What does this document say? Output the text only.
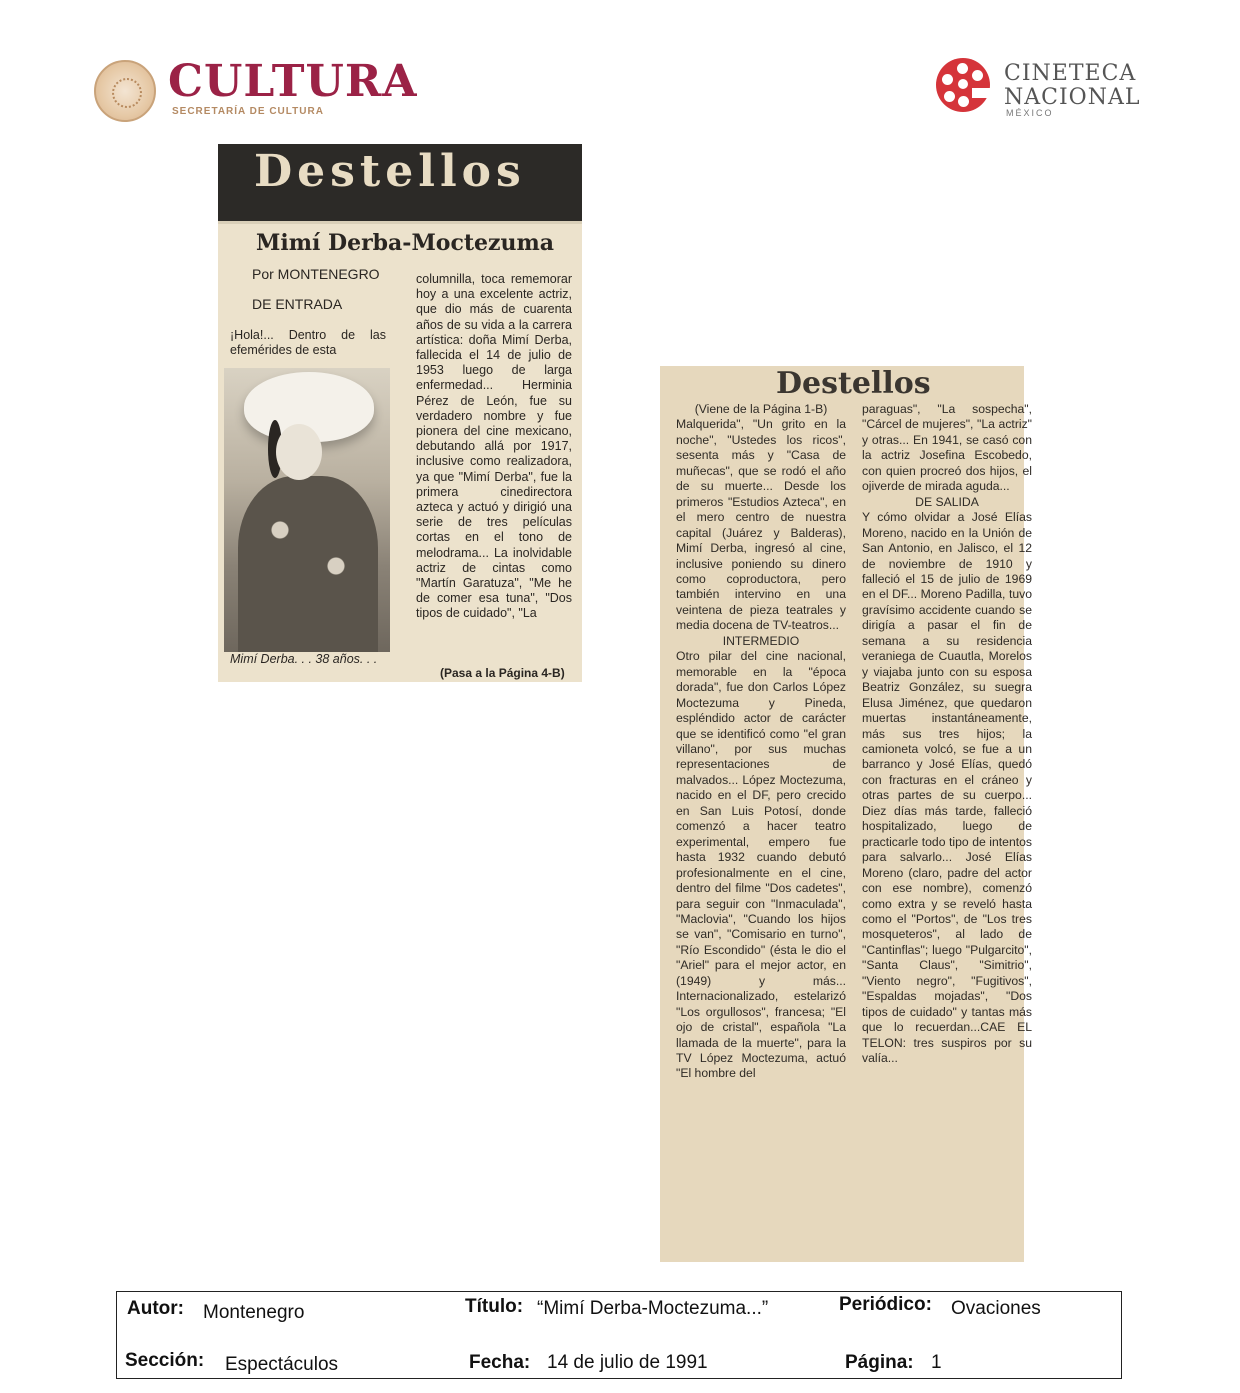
CULTURA
SECRETARÍA DE CULTURA
CINETECA
NACIONAL
MÉXICO
Destellos
Mimí Derba-Moctezuma
Por MONTENEGRO
DE ENTRADA
¡Hola!... Dentro de las efemérides de esta
Mimí Derba. . . 38 años. . .
columnilla, toca rememorar hoy a una excelente actriz, que dio más de cuarenta años de su vida a la carrera artística: doña Mimí Derba, fallecida el 14 de julio de 1953 luego de larga enfermedad... Herminia Pérez de León, fue su verdadero nombre y fue pionera del cine mexicano, debutando allá por 1917, inclusive como realizadora, ya que "Mimí Derba", fue la primera cinedirectora azteca y actuó y dirigió una serie de tres películas cortas en el tono de melodrama... La inolvidable actriz de cintas como "Martín Garatuza", "Me he de comer esa tuna", "Dos tipos de cuidado", "La
(Pasa a la Página 4-B)
Destellos
(Viene de la Página 1-B)
Malquerida", "Un grito en la noche", "Ustedes los ricos", sesenta más y "Casa de muñecas", que se rodó el año de su muerte... Desde los primeros "Estudios Azteca", en el mero centro de nuestra capital (Juárez y Balderas), Mimí Derba, ingresó al cine, inclusive poniendo su dinero como coproductora, pero también intervino en una veintena de pieza teatrales y media docena de TV-teatros...
INTERMEDIO
Otro pilar del cine nacional, memorable en la "época dorada", fue don Carlos López Moctezuma y Pineda, espléndido actor de carácter que se identificó como "el gran villano", por sus muchas representaciones de malvados... López Moctezuma, nacido en el DF, pero crecido en San Luis Potosí, donde comenzó a hacer teatro experimental, empero fue hasta 1932 cuando debutó profesionalmente en el cine, dentro del filme "Dos cadetes", para seguir con "Inmaculada", "Maclovia", "Cuando los hijos se van", "Comisario en turno", "Río Escondido" (ésta le dio el "Ariel" para el mejor actor, en (1949) y más... Internacionalizado, estelarizó "Los orgullosos", francesa; "El ojo de cristal", española "La llamada de la muerte", para la TV López Moctezuma, actuó "El hombre del
paraguas", "La sospecha", "Cárcel de mujeres", "La actriz" y otras... En 1941, se casó con la actriz Josefina Escobedo, con quien procreó dos hijos, el ojiverde de mirada aguda...
DE SALIDA
Y cómo olvidar a José Elías Moreno, nacido en la Unión de San Antonio, en Jalisco, el 12 de noviembre de 1910 y falleció el 15 de julio de 1969 en el DF... Moreno Padilla, tuvo gravísimo accidente cuando se dirigía a pasar el fin de semana a su residencia veraniega de Cuautla, Morelos y viajaba junto con su esposa Beatriz González, su suegra Elusa Jiménez, que quedaron muertas instantáneamente, más sus tres hijos; la camioneta volcó, se fue a un barranco y José Elías, quedó con fracturas en el cráneo y otras partes de su cuerpo... Diez días más tarde, falleció hospitalizado, luego de practicarle todo tipo de intentos para salvarlo... José Elías Moreno (claro, padre del actor con ese nombre), comenzó como extra y se reveló hasta como el "Portos", de "Los tres mosqueteros", al lado de "Cantinflas"; luego "Pulgarcito", "Santa Claus", "Simitrio", "Viento negro", "Fugitivos", "Espaldas mojadas", "Dos tipos de cuidado" y tantas más que lo recuerdan...CAE EL TELON: tres suspiros por su valía...
Autor: Montenegro	Título: “Mimí Derba-Moctezuma...”	Periódico: Ovaciones
Sección: Espectáculos	Fecha: 14 de julio de 1991	Página: 1
